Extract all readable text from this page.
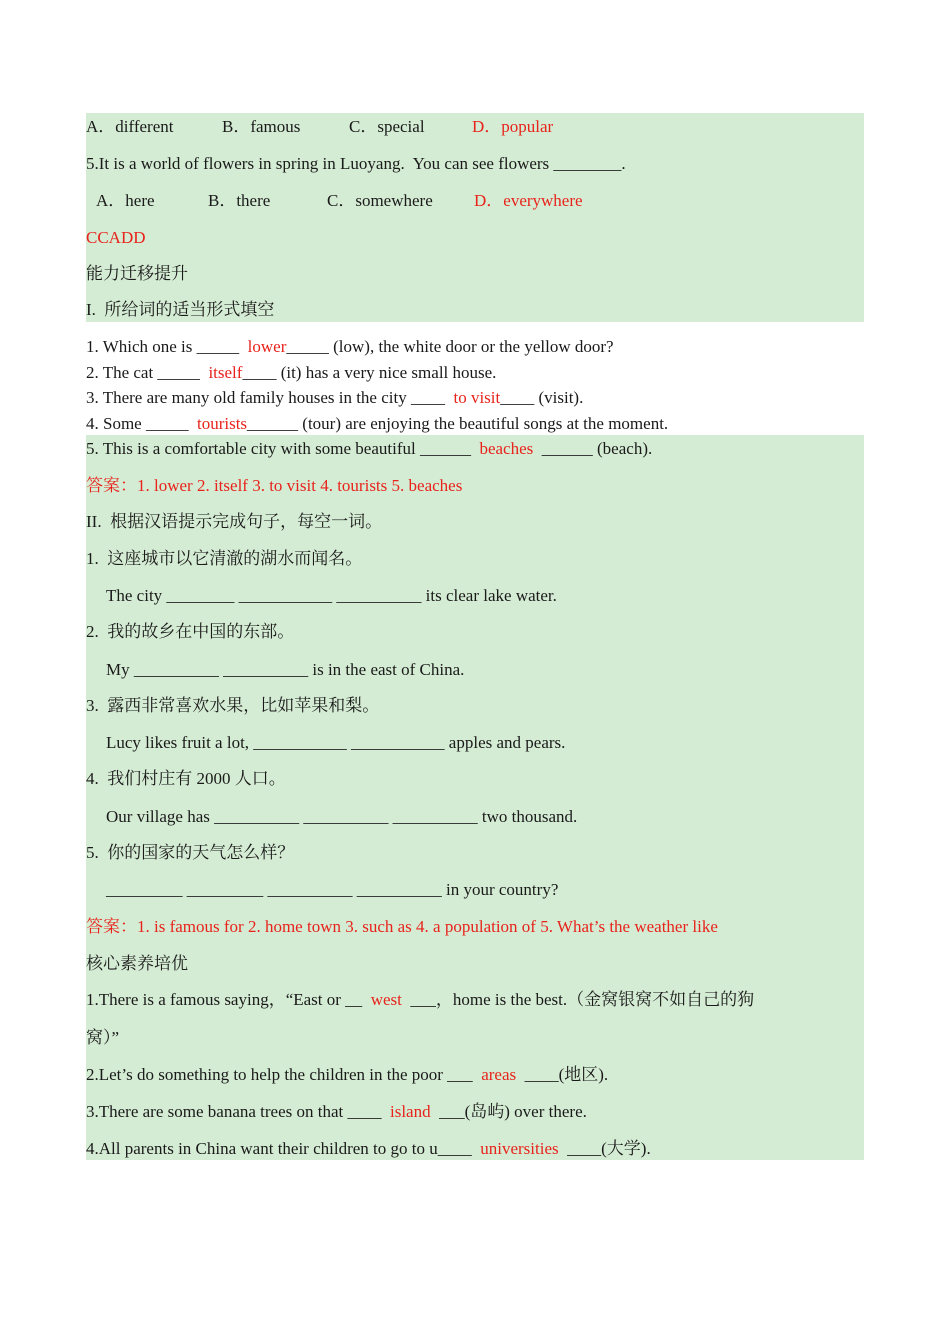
A．different	B．famous	C．special	D．popular
5.It is a world of flowers in spring in Luoyang.  You can see flowers ________.
A．here	B．there	C．somewhere D．everywhere
CCADD
能力迁移提升
I.  所给词的适当形式填空
1. Which one is _____  lower_____ (low), the white door or the yellow door?
2. The cat _____  itself____ (it) has a very nice small house.
3. There are many old family houses in the city ____  to visit____ (visit).
4. Some _____  tourists______ (tour) are enjoying the beautiful songs at the moment.
5. This is a comfortable city with some beautiful ______  beaches  ______ (beach).
答案：1. lower 2. itself 3. to visit 4. tourists 5. beaches
II.  根据汉语提示完成句子，每空一词。
1.  这座城市以它清澈的湖水而闻名。
The city ________ ___________ __________ its clear lake water.
2.  我的故乡在中国的东部。
My __________ __________ is in the east of China.
3.  露西非常喜欢水果，比如苹果和梨。
Lucy likes fruit a lot, ___________ ___________ apples and pears.
4.  我们村庄有 2000 人口。
Our village has __________ __________ __________ two thousand.
5.  你的国家的天气怎么样？
_________ _________ __________ __________ in your country?
答案：1. is famous for 2. home town 3. such as 4. a population of 5. What’s the weather like
核心素养培优
1.There is a famous saying，“East or __  west  ___，home is the best.（金窝银窝不如自己的狗
窝）”
2.Let’s do something to help the children in the poor ___  areas  ____(地区).
3.There are some banana trees on that ____  island  ___(岛屿) over there.
4.All parents in China want their children to go to u____  universities  ____(大学).
